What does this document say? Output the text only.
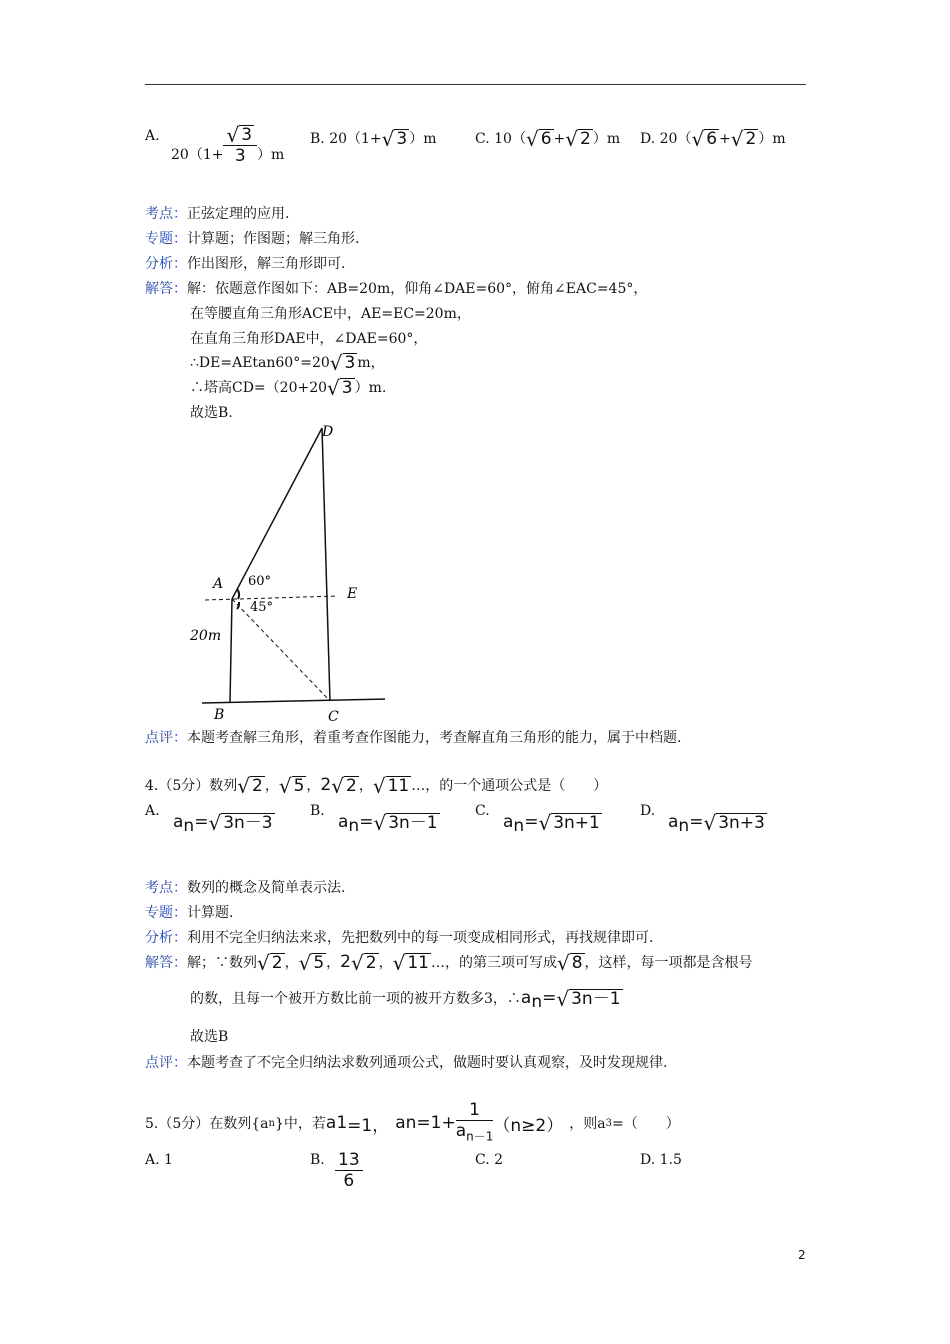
A.
$20(1+ \frac{√ 3}{3} )m$
B. 20（1+ √ 3 ）m	C. 10（ √ 6 + √ 2 ）m D. 20（ √ 6 + √ 2 ）m
考点：正弦定理的应用.
专题：计算题；作图题；解三角形.
分析：作出图形，解三角形即可.
解答：解：依题意作图如下：AB=20m，仰角∠DAE=60°，俯角∠EAC=45°，
在等腰直角三角形ACE中，AE=EC=20m，
在直角三角形DAE中，∠DAE=60°，
∴DE=AEtan60°=20 √ 3 m，
∴塔高CD=（20+20 √ 3 ）m.
故选B.
D
A
E
B	C
60°
45°
20m
点评：本题考查解三角形，着重考查作图能力，考查解直角三角形的能力，属于中档题.
4.（5分）数列 √ 2 ， √ 5 ，2 √ 2 ， √ 11 …，的一个通项公式是（　　）
A.
$a_n=$ √ 3n－3
B.
$a_n=$ √ 3n－1
C.
$a_n=$ √ 3n+1
D.
$a_n=$ √ 3n+3
考点：数列的概念及简单表示法.
专题：计算题.
分析：利用不完全归纳法来求，先把数列中的每一项变成相同形式，再找规律即可.
解答：解；∵数列 √ 2 ， √ 5 ，2 √ 2 ， √ 11 …，的第三项可写成 √ 8 ，这样，每一项都是含根号
的数，且每一个被开方数比前一项的被开方数多3，$\therefore a_n=$ √ 3n－1
故选B
点评：本题考查了不完全归纳法求数列通项公式，做题时要认真观察，及时发现规律.
5.（5分）在数列{a n }中，若 a 1 =1， a $n =1+ \frac{1}{a_{n-1}} (n\ge 2)$ ，则a 3 =（　　）
A. 1	B. $\frac{13}{6}$	C. 2	D. 1.5
2
